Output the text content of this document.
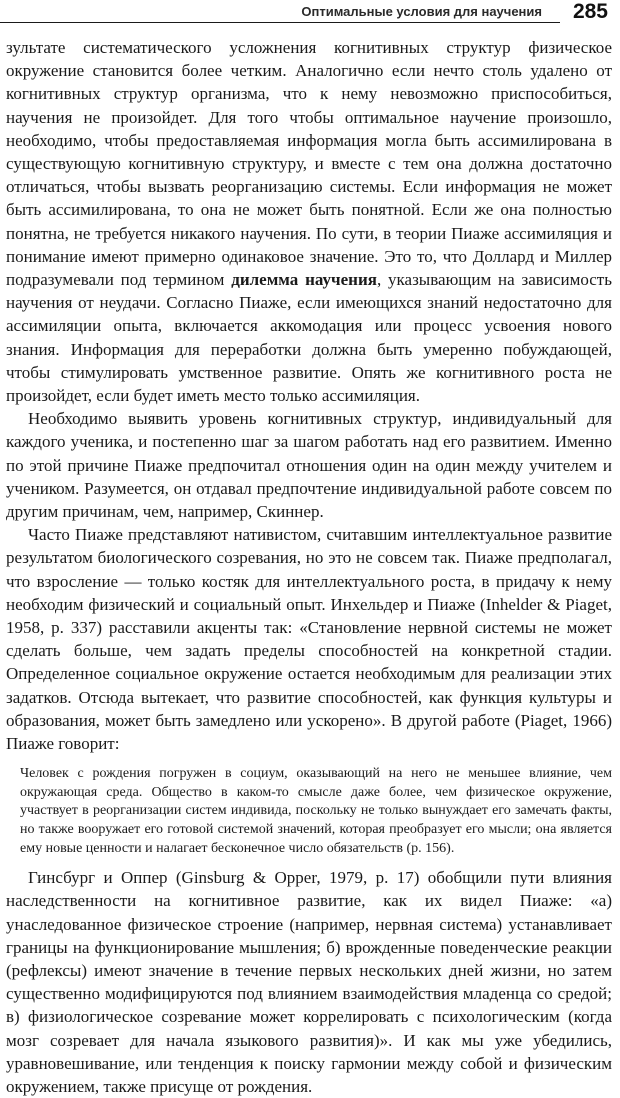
Оптимальные условия для научения 285

зультате систематического усложнения когнитивных структур физическое окружение становится более четким. Аналогично если нечто столь удалено от когнитивных структур организма, что к нему невозможно приспособиться, научения не произойдет. Для того чтобы оптимальное научение произошло, необходимо, чтобы предоставляемая информация могла быть ассимилирована в существующую когнитивную структуру, и вместе с тем она должна достаточно отличаться, чтобы вызвать реорганизацию системы. Если информация не может быть ассимилирована, то она не может быть понятной. Если же она полностью понятна, не требуется никакого научения. По сути, в теории Пиаже ассимиляция и понимание имеют примерно одинаковое значение. Это то, что Доллард и Миллер подразумевали под термином дилемма научения, указывающим на зависимость научения от неудачи. Согласно Пиаже, если имеющихся знаний недостаточно для ассимиляции опыта, включается аккомодация или процесс усвоения нового знания. Информация для переработки должна быть умеренно побуждающей, чтобы стимулировать умственное развитие. Опять же когнитивного роста не произойдет, если будет иметь место только ассимиляция.

Необходимо выявить уровень когнитивных структур, индивидуальный для каждого ученика, и постепенно шаг за шагом работать над его развитием. Именно по этой причине Пиаже предпочитал отношения один на один между учителем и учеником. Разумеется, он отдавал предпочтение индивидуальной работе совсем по другим причинам, чем, например, Скиннер.

Часто Пиаже представляют нативистом, считавшим интеллектуальное развитие результатом биологического созревания, но это не совсем так. Пиаже предполагал, что взросление — только костяк для интеллектуального роста, в придачу к нему необходим физический и социальный опыт. Инхельдер и Пиаже (Inhelder & Piaget, 1958, p. 337) расставили акценты так: «Становление нервной системы не может сделать больше, чем задать пределы способностей на конкретной стадии. Определенное социальное окружение остается необходимым для реализации этих задатков. Отсюда вытекает, что развитие способностей, как функция культуры и образования, может быть замедлено или ускорено». В другой работе (Piaget, 1966) Пиаже говорит:

Человек с рождения погружен в социум, оказывающий на него не меньшее влияние, чем окружающая среда. Общество в каком-то смысле даже более, чем физическое окружение, участвует в реорганизации систем индивида, поскольку не только вынуждает его замечать факты, но также вооружает его готовой системой значений, которая преобразует его мысли; она является ему новые ценности и налагает бесконечное число обязательств (p. 156).

Гинсбург и Оппер (Ginsburg & Opper, 1979, p. 17) обобщили пути влияния наследственности на когнитивное развитие, как их видел Пиаже: «а) унаследованное физическое строение (например, нервная система) устанавливает границы на функционирование мышления; б) врожденные поведенческие реакции (рефлексы) имеют значение в течение первых нескольких дней жизни, но затем существенно модифицируются под влиянием взаимодействия младенца со средой; в) физиологическое созревание может коррелировать с психологическим (когда мозг созревает для начала языкового развития)». И как мы уже убедились, уравновешивание, или тенденция к поиску гармонии между собой и физическим окружением, также присуще от рождения.
